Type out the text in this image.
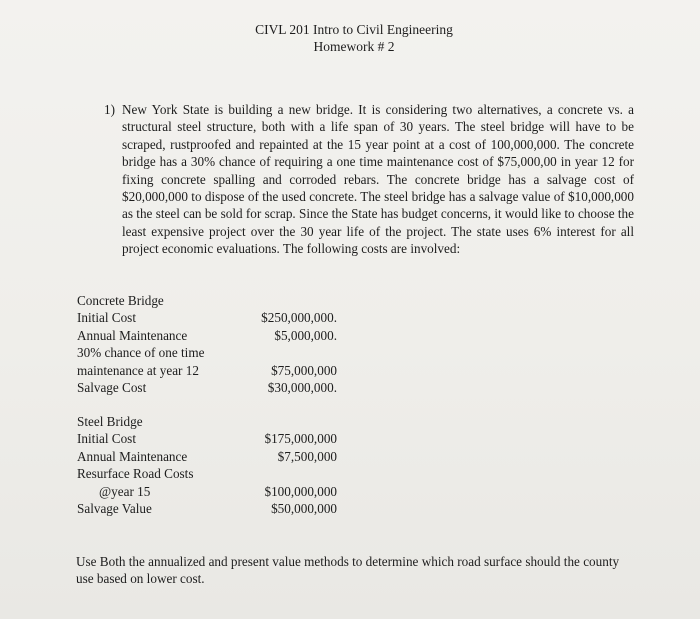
CIVL 201 Intro to Civil Engineering
Homework # 2
1) New York State is building a new bridge. It is considering two alternatives, a concrete vs. a structural steel structure, both with a life span of 30 years. The steel bridge will have to be scraped, rustproofed and repainted at the 15 year point at a cost of 100,000,000. The concrete bridge has a 30% chance of requiring a one time maintenance cost of $75,000,00 in year 12 for fixing concrete spalling and corroded rebars. The concrete bridge has a salvage cost of $20,000,000 to dispose of the used concrete. The steel bridge has a salvage value of $10,000,000 as the steel can be sold for scrap. Since the State has budget concerns, it would like to choose the least expensive project over the 30 year life of the project. The state uses 6% interest for all project economic evaluations. The following costs are involved:
Concrete Bridge
Initial Cost	$250,000,000.
Annual Maintenance	$5,000,000.
30% chance of one time
maintenance at year 12	$75,000,000
Salvage Cost	$30,000,000.
Steel Bridge
Initial Cost	$175,000,000
Annual Maintenance	$7,500,000
Resurface Road Costs
@year 15	$100,000,000
Salvage Value	$50,000,000
Use Both the annualized and present value methods to determine which road surface should the county use based on lower cost.
